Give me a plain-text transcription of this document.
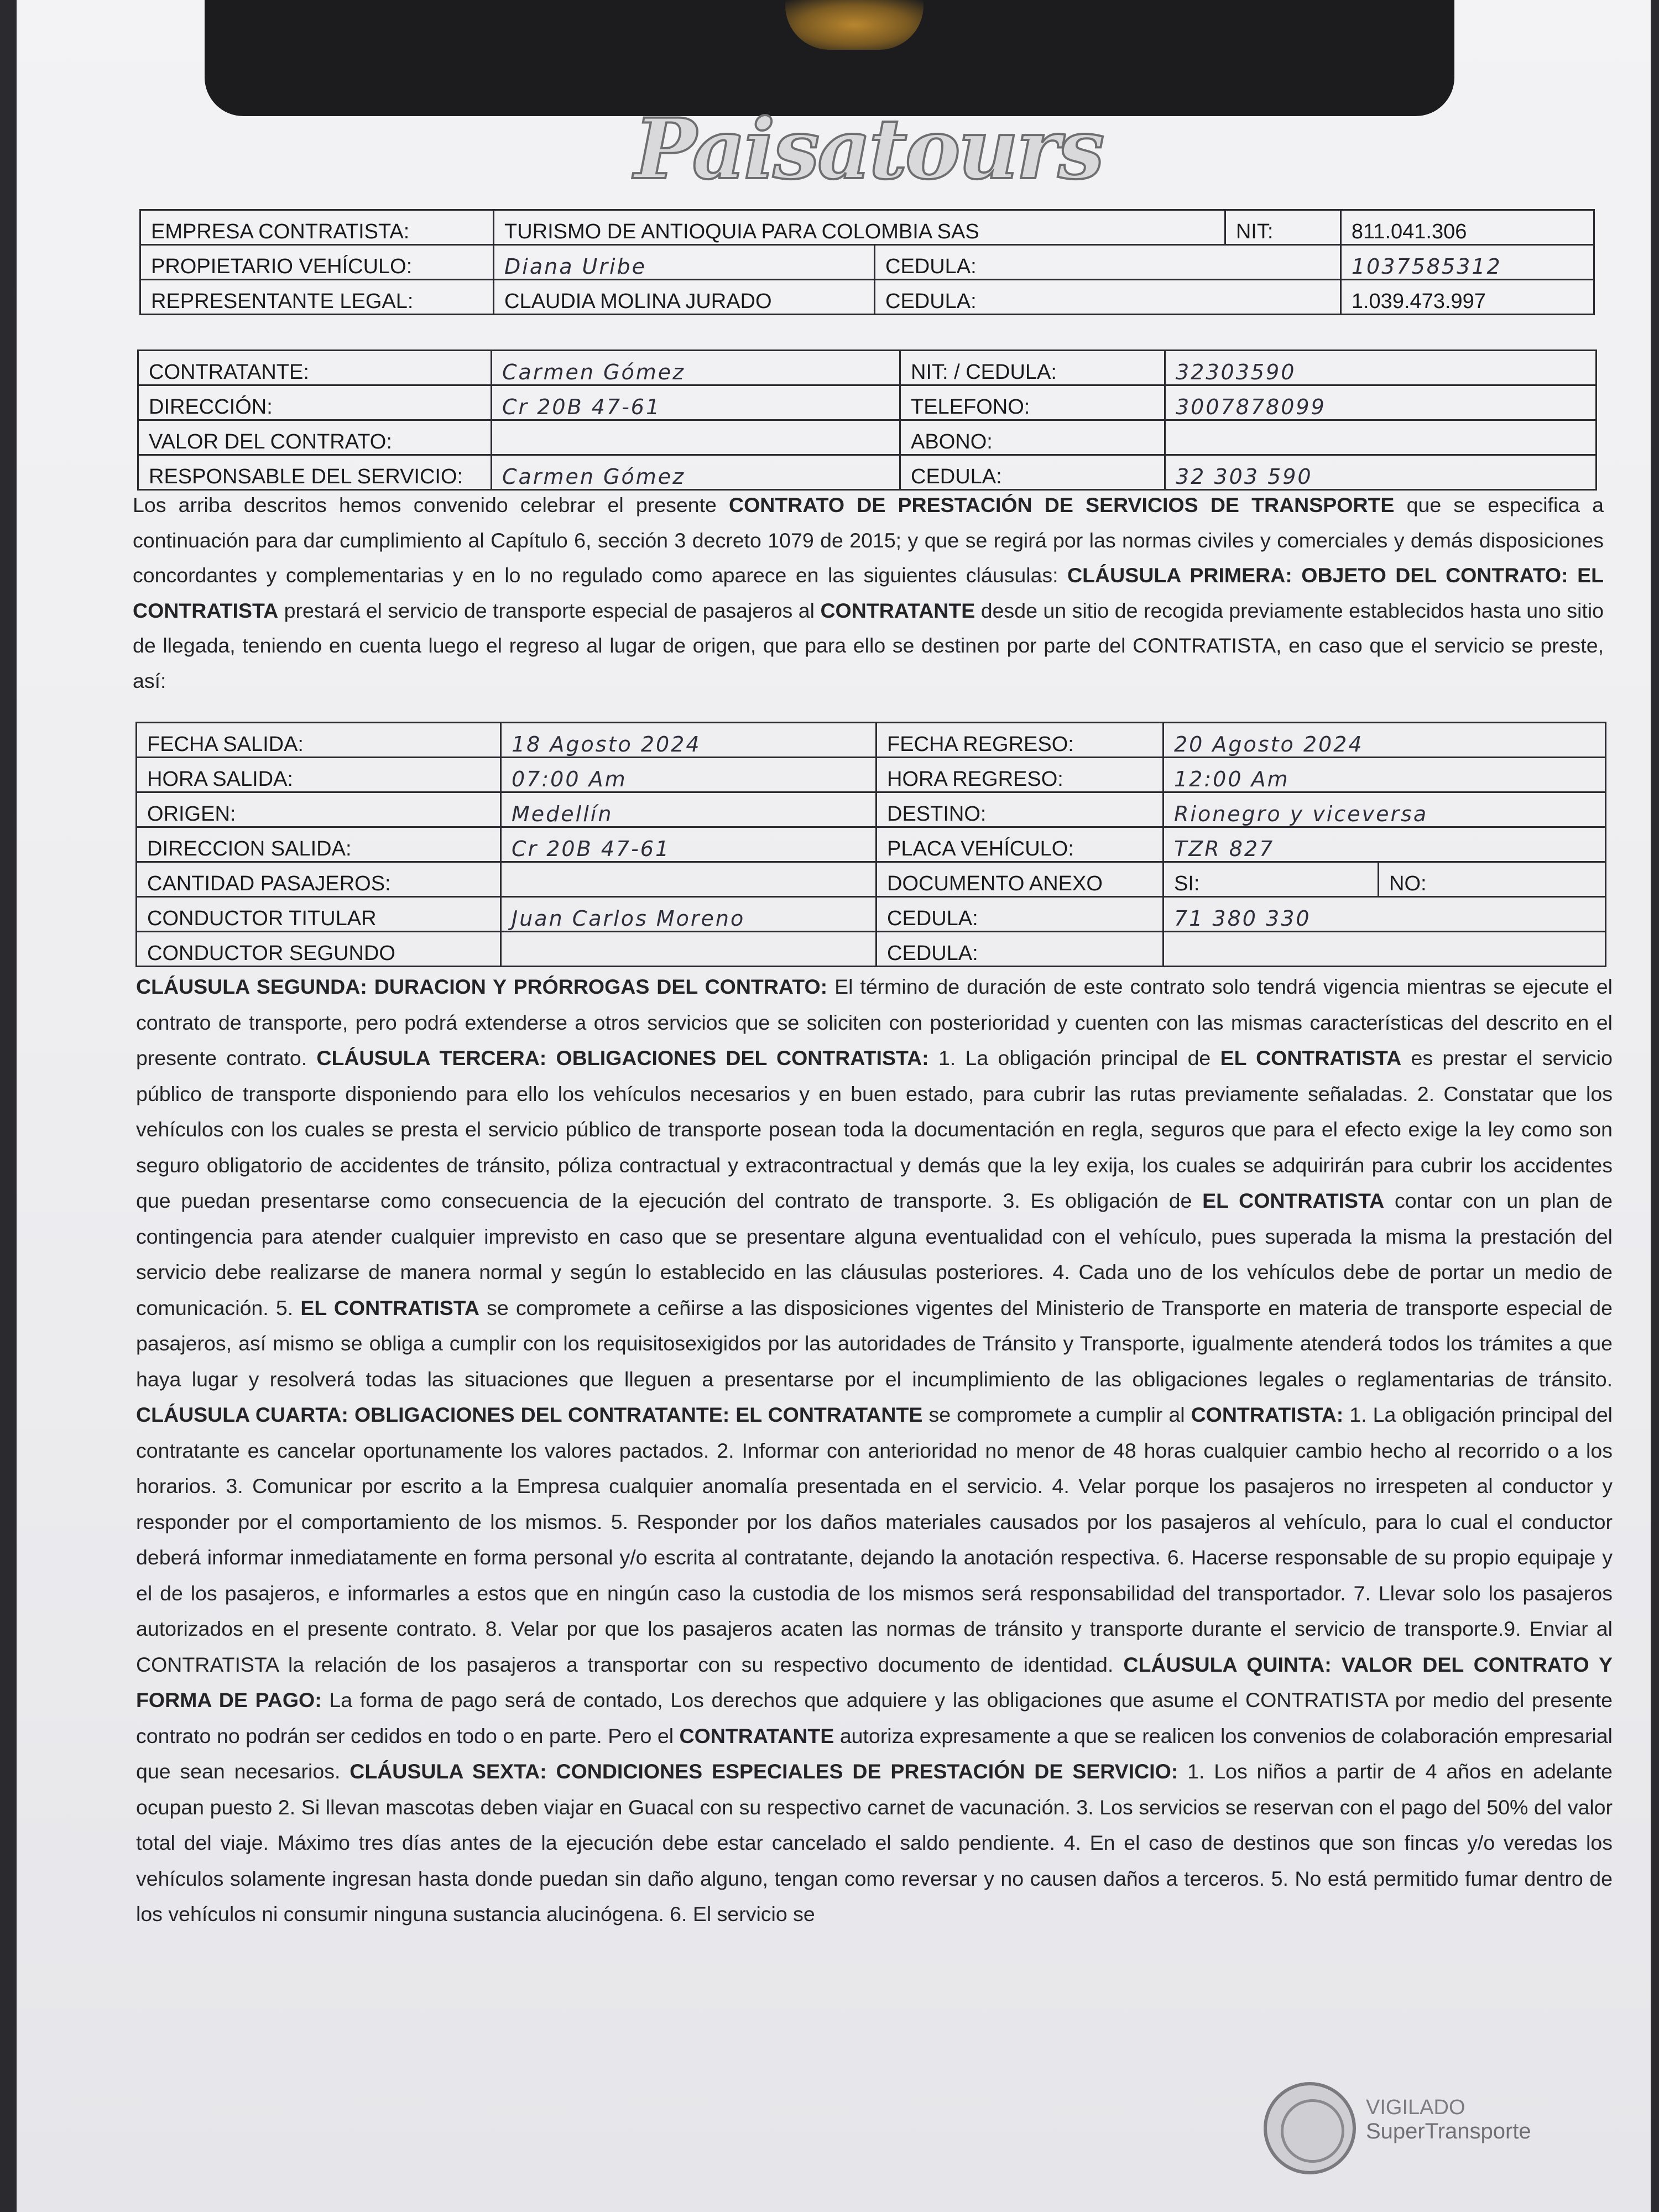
Paisatours
EMPRESA CONTRATISTA:	TURISMO DE ANTIOQUIA PARA COLOMBIA SAS		NIT:	811.041.306
PROPIETARIO VEHÍCULO:	Diana Uribe	CEDULA:		1037585312
REPRESENTANTE LEGAL:	CLAUDIA MOLINA JURADO	CEDULA:		1.039.473.997
CONTRATANTE:	Carmen Gómez	NIT: / CEDULA:	32303590
DIRECCIÓN:	Cr 20B 47-61	TELEFONO:	3007878099
VALOR DEL CONTRATO:		ABONO:	
RESPONSABLE DEL SERVICIO:	Carmen Gómez	CEDULA:	32 303 590
Los arriba descritos hemos convenido celebrar el presente CONTRATO DE PRESTACIÓN DE SERVICIOS DE TRANSPORTE que se especifica a continuación para dar cumplimiento al Capítulo 6, sección 3 decreto 1079 de 2015; y que se regirá por las normas civiles y comerciales y demás disposiciones concordantes y complementarias y en lo no regulado como aparece en las siguientes cláusulas: CLÁUSULA PRIMERA: OBJETO DEL CONTRATO: EL CONTRATISTA prestará el servicio de transporte especial de pasajeros al CONTRATANTE desde un sitio de recogida previamente establecidos hasta uno sitio de llegada, teniendo en cuenta luego el regreso al lugar de origen, que para ello se destinen por parte del CONTRATISTA, en caso que el servicio se preste, así:
FECHA SALIDA:	18 Agosto 2024	FECHA REGRESO:	20 Agosto 2024	
HORA SALIDA:	07:00 Am	HORA REGRESO:	12:00 Am	
ORIGEN:	Medellín	DESTINO:	Rionegro y viceversa	
DIRECCION SALIDA:	Cr 20B 47-61	PLACA VEHÍCULO:	TZR 827	
CANTIDAD PASAJEROS:		DOCUMENTO ANEXO	SI:	NO:
CONDUCTOR TITULAR	Juan Carlos Moreno	CEDULA:	71 380 330	
CONDUCTOR SEGUNDO		CEDULA:		
CLÁUSULA SEGUNDA: DURACION Y PRÓRROGAS DEL CONTRATO: El término de duración de este contrato solo tendrá vigencia mientras se ejecute el contrato de transporte, pero podrá extenderse a otros servicios que se soliciten con posterioridad y cuenten con las mismas características del descrito en el presente contrato. CLÁUSULA TERCERA: OBLIGACIONES DEL CONTRATISTA: 1. La obligación principal de EL CONTRATISTA es prestar el servicio público de transporte disponiendo para ello los vehículos necesarios y en buen estado, para cubrir las rutas previamente señaladas. 2. Constatar que los vehículos con los cuales se presta el servicio público de transporte posean toda la documentación en regla, seguros que para el efecto exige la ley como son seguro obligatorio de accidentes de tránsito, póliza contractual y extracontractual y demás que la ley exija, los cuales se adquirirán para cubrir los accidentes que puedan presentarse como consecuencia de la ejecución del contrato de transporte. 3. Es obligación de EL CONTRATISTA contar con un plan de contingencia para atender cualquier imprevisto en caso que se presentare alguna eventualidad con el vehículo, pues superada la misma la prestación del servicio debe realizarse de manera normal y según lo establecido en las cláusulas posteriores. 4. Cada uno de los vehículos debe de portar un medio de comunicación. 5. EL CONTRATISTA se compromete a ceñirse a las disposiciones vigentes del Ministerio de Transporte en materia de transporte especial de pasajeros, así mismo se obliga a cumplir con los requisitosexigidos por las autoridades de Tránsito y Transporte, igualmente atenderá todos los trámites a que haya lugar y resolverá todas las situaciones que lleguen a presentarse por el incumplimiento de las obligaciones legales o reglamentarias de tránsito. CLÁUSULA CUARTA: OBLIGACIONES DEL CONTRATANTE: EL CONTRATANTE se compromete a cumplir al CONTRATISTA: 1. La obligación principal del contratante es cancelar oportunamente los valores pactados. 2. Informar con anterioridad no menor de 48 horas cualquier cambio hecho al recorrido o a los horarios. 3. Comunicar por escrito a la Empresa cualquier anomalía presentada en el servicio. 4. Velar porque los pasajeros no irrespeten al conductor y responder por el comportamiento de los mismos. 5. Responder por los daños materiales causados por los pasajeros al vehículo, para lo cual el conductor deberá informar inmediatamente en forma personal y/o escrita al contratante, dejando la anotación respectiva. 6. Hacerse responsable de su propio equipaje y el de los pasajeros, e informarles a estos que en ningún caso la custodia de los mismos será responsabilidad del transportador. 7. Llevar solo los pasajeros autorizados en el presente contrato. 8. Velar por que los pasajeros acaten las normas de tránsito y transporte durante el servicio de transporte.9. Enviar al CONTRATISTA la relación de los pasajeros a transportar con su respectivo documento de identidad. CLÁUSULA QUINTA: VALOR DEL CONTRATO Y FORMA DE PAGO: La forma de pago será de contado, Los derechos que adquiere y las obligaciones que asume el CONTRATISTA por medio del presente contrato no podrán ser cedidos en todo o en parte. Pero el CONTRATANTE autoriza expresamente a que se realicen los convenios de colaboración empresarial que sean necesarios. CLÁUSULA SEXTA: CONDICIONES ESPECIALES DE PRESTACIÓN DE SERVICIO: 1. Los niños a partir de 4 años en adelante ocupan puesto 2. Si llevan mascotas deben viajar en Guacal con su respectivo carnet de vacunación. 3. Los servicios se reservan con el pago del 50% del valor total del viaje. Máximo tres días antes de la ejecución debe estar cancelado el saldo pendiente. 4. En el caso de destinos que son fincas y/o veredas los vehículos solamente ingresan hasta donde puedan sin daño alguno, tengan como reversar y no causen daños a terceros. 5. No está permitido fumar dentro de los vehículos ni consumir ninguna sustancia alucinógena. 6. El servicio se
VIGILADO
SuperTransporte
